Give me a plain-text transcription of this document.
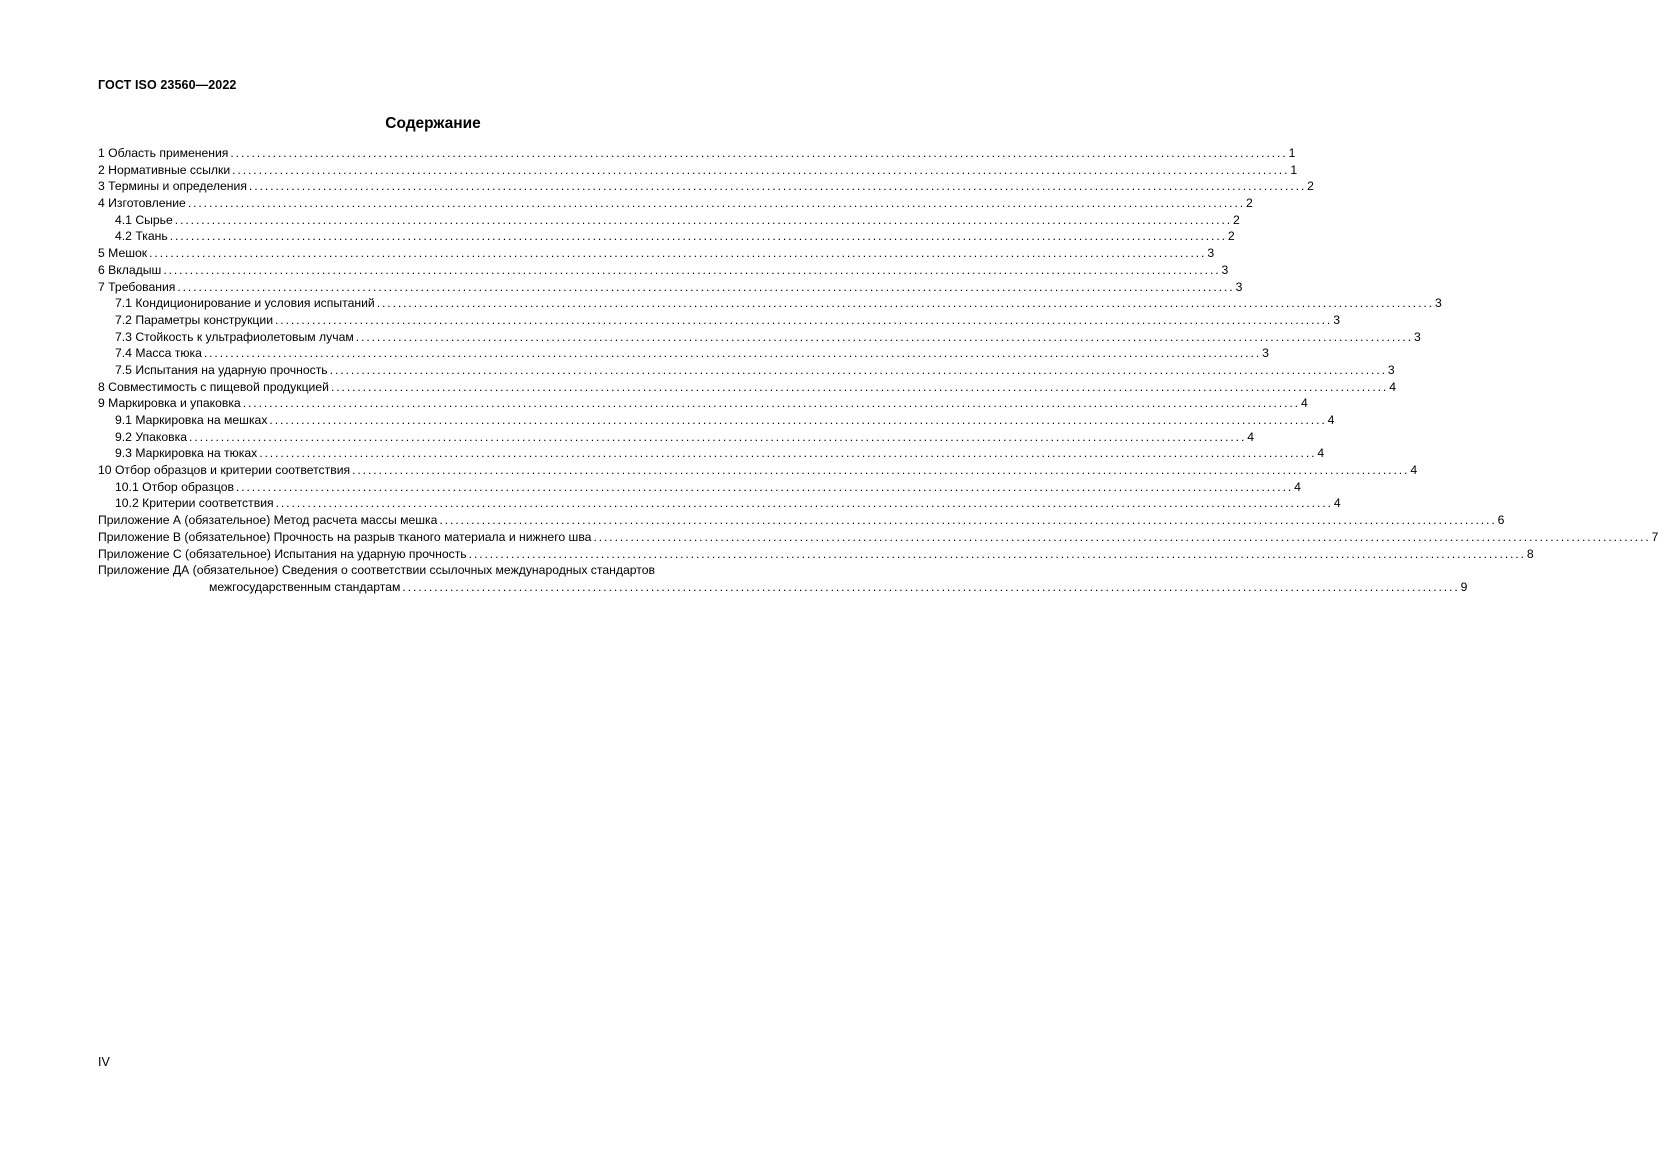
ГОСТ ISO 23560—2022
Содержание
1 Область применения ........................................................................................................................................................................................................ 1
2 Нормативные ссылки ........................................................................................................................................................................................................ 1
3 Термины и определения ........................................................................................................................................................................................................ 2
4 Изготовление ........................................................................................................................................................................................................ 2
4.1 Сырье ........................................................................................................................................................................................................ 2
4.2 Ткань ........................................................................................................................................................................................................ 2
5 Мешок ........................................................................................................................................................................................................ 3
6 Вкладыш ........................................................................................................................................................................................................ 3
7 Требования ........................................................................................................................................................................................................ 3
7.1 Кондиционирование и условия испытаний ........................................................................................................................................................................................................ 3
7.2 Параметры конструкции ........................................................................................................................................................................................................ 3
7.3 Стойкость к ультрафиолетовым лучам ........................................................................................................................................................................................................ 3
7.4 Масса тюка ........................................................................................................................................................................................................ 3
7.5 Испытания на ударную прочность ........................................................................................................................................................................................................ 3
8 Совместимость с пищевой продукцией ........................................................................................................................................................................................................ 4
9 Маркировка и упаковка ........................................................................................................................................................................................................ 4
9.1 Маркировка на мешках ........................................................................................................................................................................................................ 4
9.2 Упаковка ........................................................................................................................................................................................................ 4
9.3 Маркировка на тюках ........................................................................................................................................................................................................ 4
10 Отбор образцов и критерии соответствия ........................................................................................................................................................................................................ 4
10.1 Отбор образцов ........................................................................................................................................................................................................ 4
10.2 Критерии соответствия ........................................................................................................................................................................................................ 4
Приложение А (обязательное) Метод расчета массы мешка ........................................................................................................................................................................................................ 6
Приложение В (обязательное) Прочность на разрыв тканого материала и нижнего шва ........................................................................................................................................................................................................ 7
Приложение С (обязательное) Испытания на ударную прочность ........................................................................................................................................................................................................ 8
Приложение ДА (обязательное) Сведения о соответствии ссылочных международных стандартов
межгосударственным стандартам ........................................................................................................................................................................................................ 9
IV
